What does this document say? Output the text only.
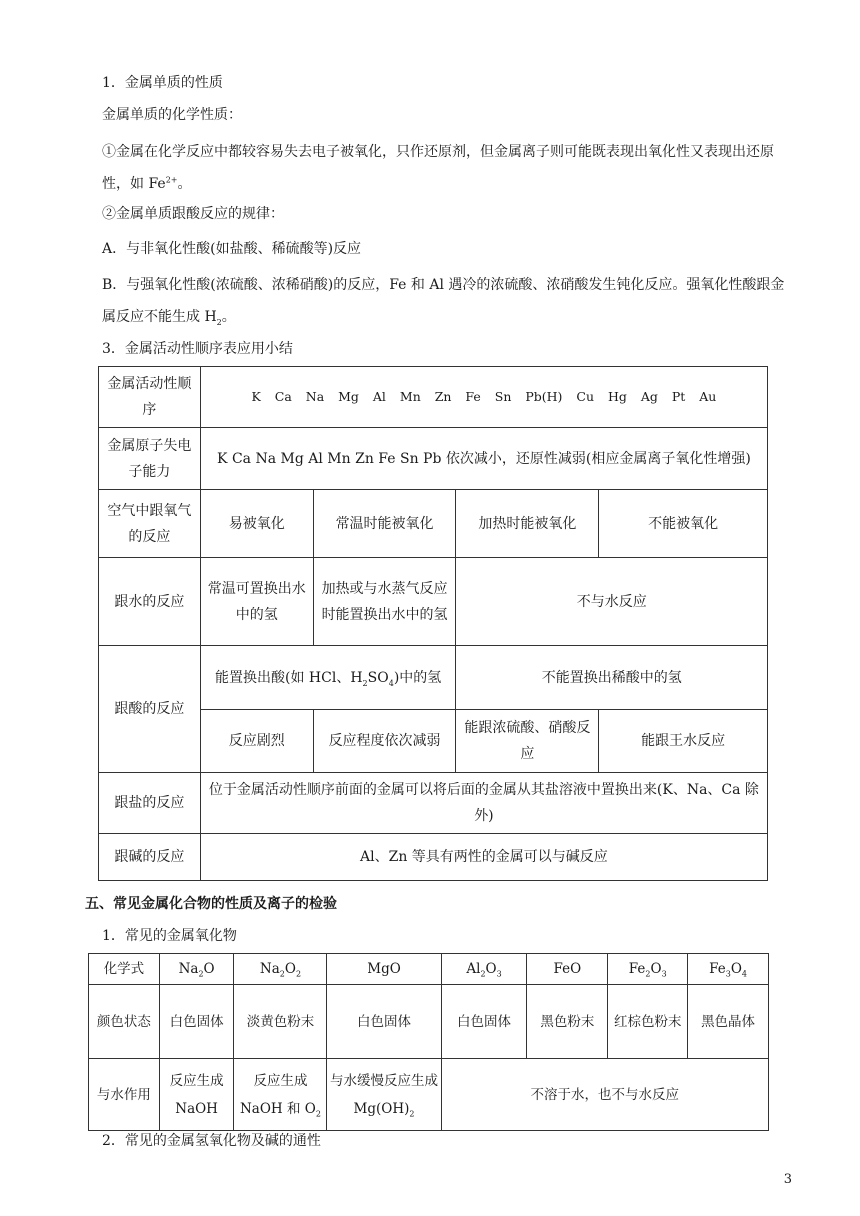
1．金属单质的性质

金属单质的化学性质：

①金属在化学反应中都较容易失去电子被氧化，只作还原剂，但金属离子则可能既表现出氧化性又表现出还原性，如 $Fe^{2+}$。

②金属单质跟酸反应的规律：

A．与非氧化性酸(如盐酸、稀硫酸等)反应

B．与强氧化性酸(浓硫酸、浓稀硝酸)的反应，Fe 和 Al 遇冷的浓硫酸、浓硝酸发生钝化反应。强氧化性酸跟金属反应不能生成 $H_2$。

3．金属活动性顺序表应用小结

金属活动性顺序	K Ca Na Mg Al Mn Zn Fe Sn Pb(H) Cu Hg Ag Pt Au			
金属原子失电子能力	K Ca Na Mg Al Mn Zn Fe Sn Pb 依次减小，还原性减弱(相应金属离子氧化性增强)			
空气中跟氧气的反应	易被氧化	常温时能被氧化	加热时能被氧化	不能被氧化
跟水的反应	常温可置换出水中的氢	加热或与水蒸气反应时能置换出水中的氢	不与水反应	
跟酸的反应	能置换出酸(如 HCl、$H_2SO_4$)中的氢		不能置换出稀酸中的氢	
	反应剧烈	反应程度依次减弱	能跟浓硫酸、硝酸反应	能跟王水反应
跟盐的反应	位于金属活动性顺序前面的金属可以将后面的金属从其盐溶液中置换出来(K、Na、Ca 除外)			
跟碱的反应	Al、Zn 等具有两性的金属可以与碱反应			

五、常见金属化合物的性质及离子的检验

1．常见的金属氧化物

化学式	$Na_2O$	$Na_2O_2$	MgO	$Al_2O_3$	FeO	$Fe_2O_3$	$Fe_3O_4$
颜色状态	白色固体	淡黄色粉末	白色固体	白色固体	黑色粉末	红棕色粉末	黑色晶体
与水作用	反应生成 NaOH	反应生成 NaOH 和 $O_2$	与水缓慢反应生成 $Mg(OH)_2$	不溶于水，也不与水反应			

2．常见的金属氢氧化物及碱的通性

3
